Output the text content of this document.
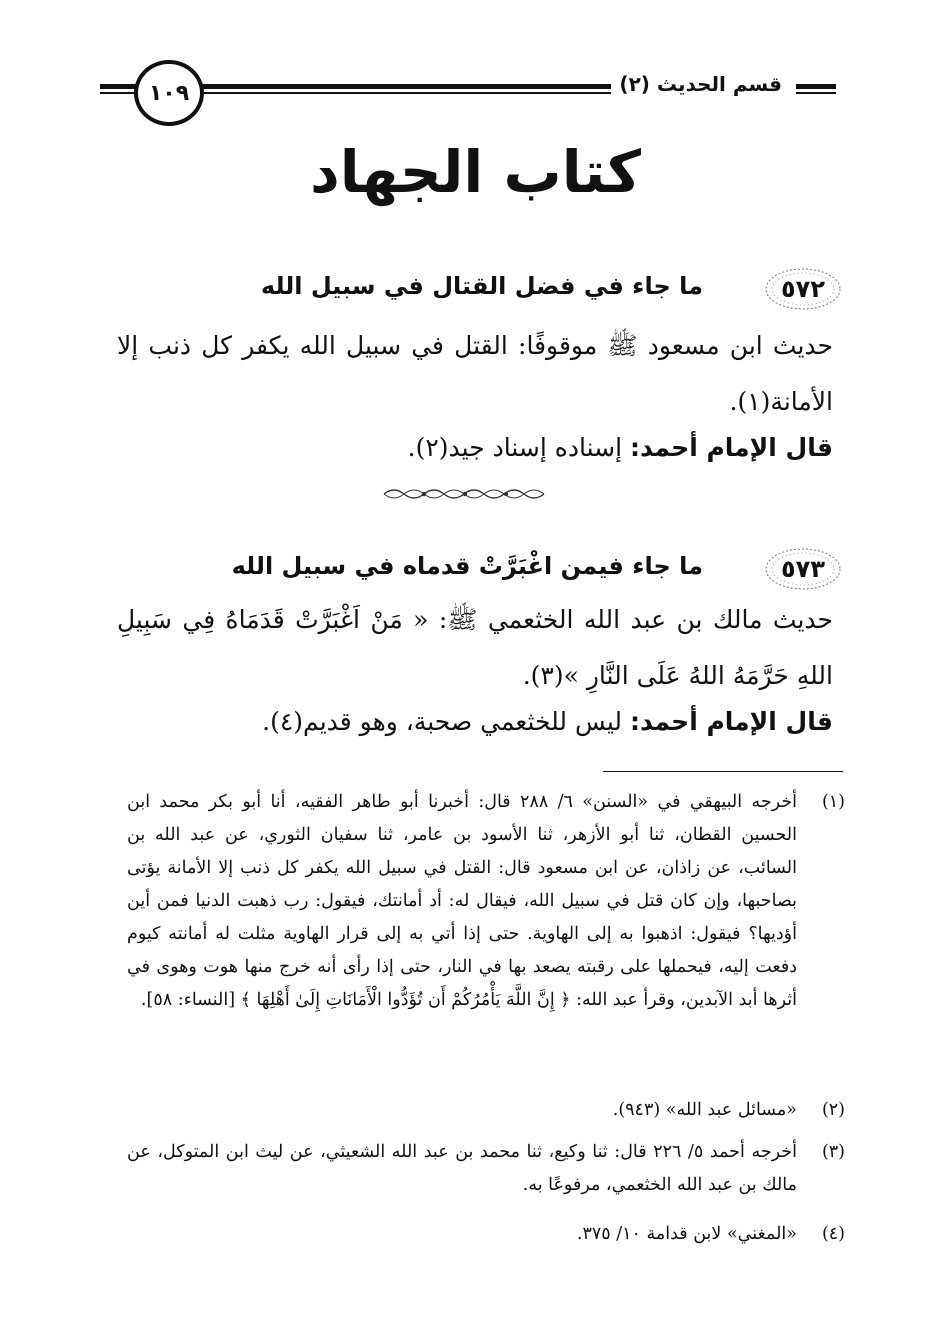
١٠٩	قسم الحديث (٢)
كتاب الجهاد
٥٧٢
ما جاء في فضل القتال في سبيل الله
حديث ابن مسعود ﷺ موقوفًا: القتل في سبيل الله يكفر كل ذنب إلا الأمانة(١).
قال الإمام أحمد: إسناده إسناد جيد(٢).
٥٧٣
ما جاء فيمن اغْبَرَّتْ قدماه في سبيل الله
حديث مالك بن عبد الله الخثعمي ﷺ: « مَنْ اَغْبَرَّتْ قَدَمَاهُ فِي سَبِيلِ اللهِ حَرَّمَهُ اللهُ عَلَى النَّارِ »(٣).
قال الإمام أحمد: ليس للخثعمي صحبة، وهو قديم(٤).
(١)
أخرجه البيهقي في «السنن» ٦/ ٢٨٨ قال: أخبرنا أبو طاهر الفقيه، أنا أبو بكر محمد ابن الحسين القطان، ثنا أبو الأزهر، ثنا الأسود بن عامر، ثنا سفيان الثوري، عن عبد الله بن السائب، عن زاذان، عن ابن مسعود قال: القتل في سبيل الله يكفر كل ذنب إلا الأمانة يؤتى بصاحبها، وإن كان قتل في سبيل الله، فيقال له: أد أمانتك، فيقول: رب ذهبت الدنيا فمن أين أؤديها؟ فيقول: اذهبوا به إلى الهاوية. حتى إذا أتي به إلى قرار الهاوية مثلت له أمانته كيوم دفعت إليه، فيحملها على رقبته يصعد بها في النار، حتى إذا رأى أنه خرج منها هوت وهوى في أثرها أبد الآبدين، وقرأ عبد الله: ﴿ إِنَّ اللَّهَ يَأْمُرُكُمْ أَن تُؤَدُّوا الْأَمَانَاتِ إِلَىٰ أَهْلِهَا ﴾ [النساء: ٥٨].
(٢)
«مسائل عبد الله» (٩٤٣).
(٣)
أخرجه أحمد ٥/ ٢٢٦ قال: ثنا وكيع، ثنا محمد بن عبد الله الشعيثي، عن ليث ابن المتوكل، عن مالك بن عبد الله الخثعمي، مرفوعًا به.
(٤)
«المغني» لابن قدامة ١٠/ ٣٧٥.
